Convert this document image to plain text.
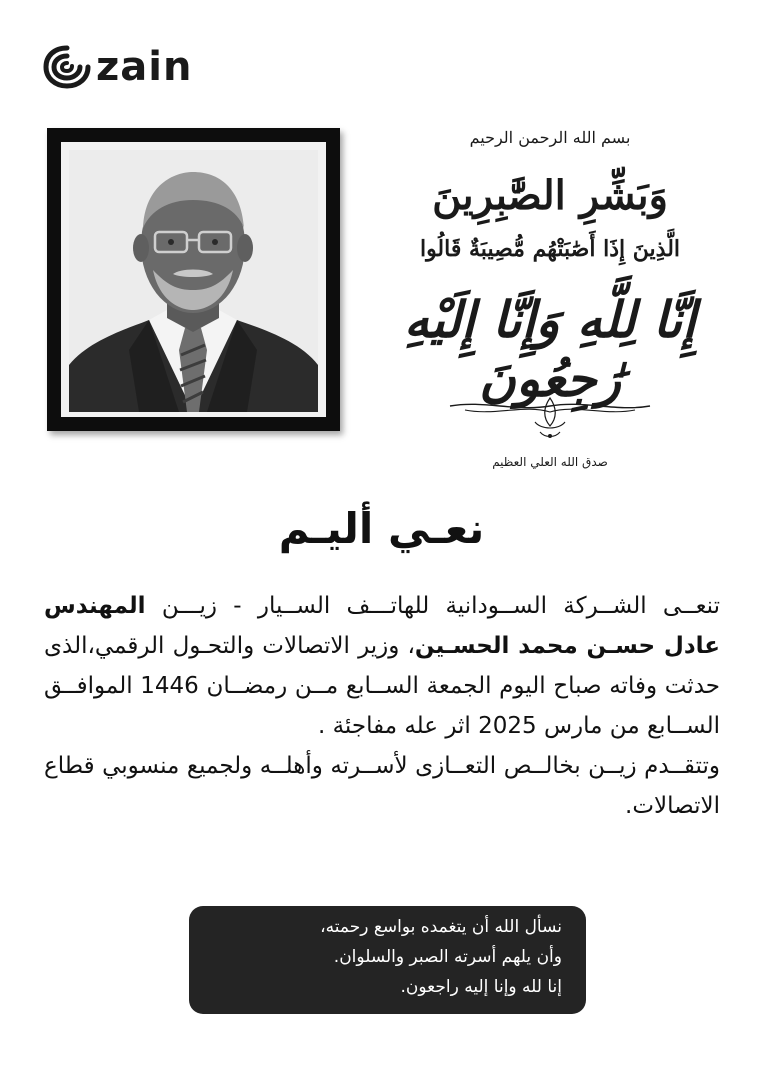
zain
بسم الله الرحمن الرحيم
وَبَشِّرِ الصَّٰبِرِينَ
الَّذِينَ إِذَا أَصَٰبَتْهُم مُّصِيبَةٌ قَالُوا
إِنَّا لِلَّهِ وَإِنَّا إِلَيْهِ رَٰجِعُونَ
صدق الله العلي العظيم
نعـي أليـم

تنعــى الشــركة الســودانية للهاتـــف الســيار - زيـــن المهندس عادل حسـن محمد الحسـين، وزير الاتصالات والتحـول الرقمي،الذى حدثت وفاته صباح اليوم الجمعة الســابع مــن رمضــان 1446 الموافــق الســابع من مارس 2025 اثر عله مفاجئة .

وتتقــدم زيــن بخالــص التعــازى لأســرته وأهلــه ولجميع منسوبي قطاع الاتصالات.

نسأل الله أن يتغمده بواسع رحمته،
وأن يلهم أسرته الصبر والسلوان.
إنا لله وإنا إليه راجعون.
